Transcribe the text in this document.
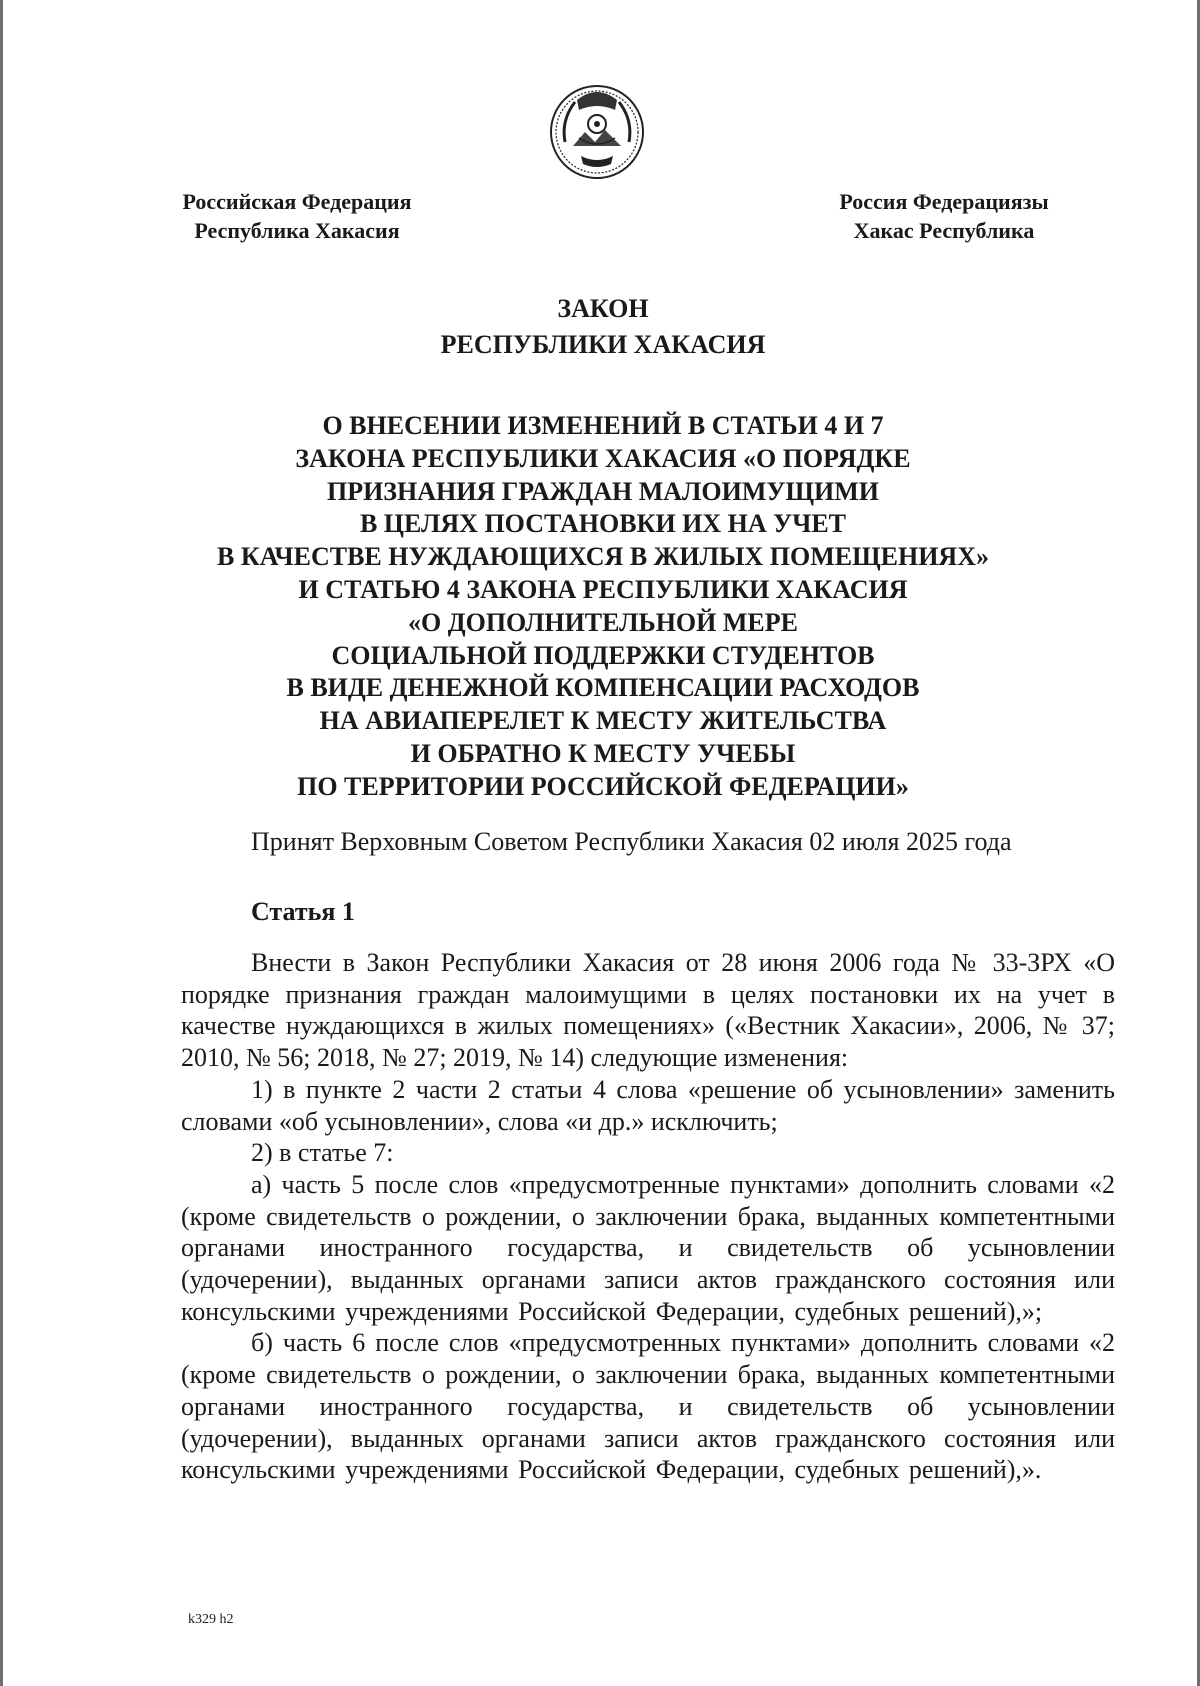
Российская Федерация
Республика Хакасия
Россия Федерациязы
Хакас Республика
ЗАКОН
РЕСПУБЛИКИ ХАКАСИЯ
О ВНЕСЕНИИ ИЗМЕНЕНИЙ В СТАТЬИ 4 И 7
ЗАКОНА РЕСПУБЛИКИ ХАКАСИЯ «О ПОРЯДКЕ
ПРИЗНАНИЯ ГРАЖДАН МАЛОИМУЩИМИ
В ЦЕЛЯХ ПОСТАНОВКИ ИХ НА УЧЕТ
В КАЧЕСТВЕ НУЖДАЮЩИХСЯ В ЖИЛЫХ ПОМЕЩЕНИЯХ»
И СТАТЬЮ 4 ЗАКОНА РЕСПУБЛИКИ ХАКАСИЯ
«О ДОПОЛНИТЕЛЬНОЙ МЕРЕ
СОЦИАЛЬНОЙ ПОДДЕРЖКИ СТУДЕНТОВ
В ВИДЕ ДЕНЕЖНОЙ КОМПЕНСАЦИИ РАСХОДОВ
НА АВИАПЕРЕЛЕТ К МЕСТУ ЖИТЕЛЬСТВА
И ОБРАТНО К МЕСТУ УЧЕБЫ
ПО ТЕРРИТОРИИ РОССИЙСКОЙ ФЕДЕРАЦИИ»
Принят Верховным Советом Республики Хакасия 02 июля 2025 года
Статья 1

Внести в Закон Республики Хакасия от 28 июня 2006 года № 33-ЗРХ «О порядке признания граждан малоимущими в целях постановки их на учет в качестве нуждающихся в жилых помещениях» («Вестник Хакасии», 2006, № 37; 2010, № 56; 2018, № 27; 2019, № 14) следующие изменения:

1) в пункте 2 части 2 статьи 4 слова «решение об усыновлении» заменить словами «об усыновлении», слова «и др.» исключить;

2) в статье 7:

а) часть 5 после слов «предусмотренные пунктами» дополнить словами «2 (кроме свидетельств о рождении, о заключении брака, выданных компетентными органами иностранного государства, и свидетельств об усыновлении (удочерении), выданных органами записи актов гражданского состояния или консульскими учреждениями Российской Федерации, судебных решений),»;

б) часть 6 после слов «предусмотренных пунктами» дополнить словами «2 (кроме свидетельств о рождении, о заключении брака, выданных компетентными органами иностранного государства, и свидетельств об усыновлении (удочерении), выданных органами записи актов гражданского состояния или консульскими учреждениями Российской Федерации, судебных решений),».

k329 h2
